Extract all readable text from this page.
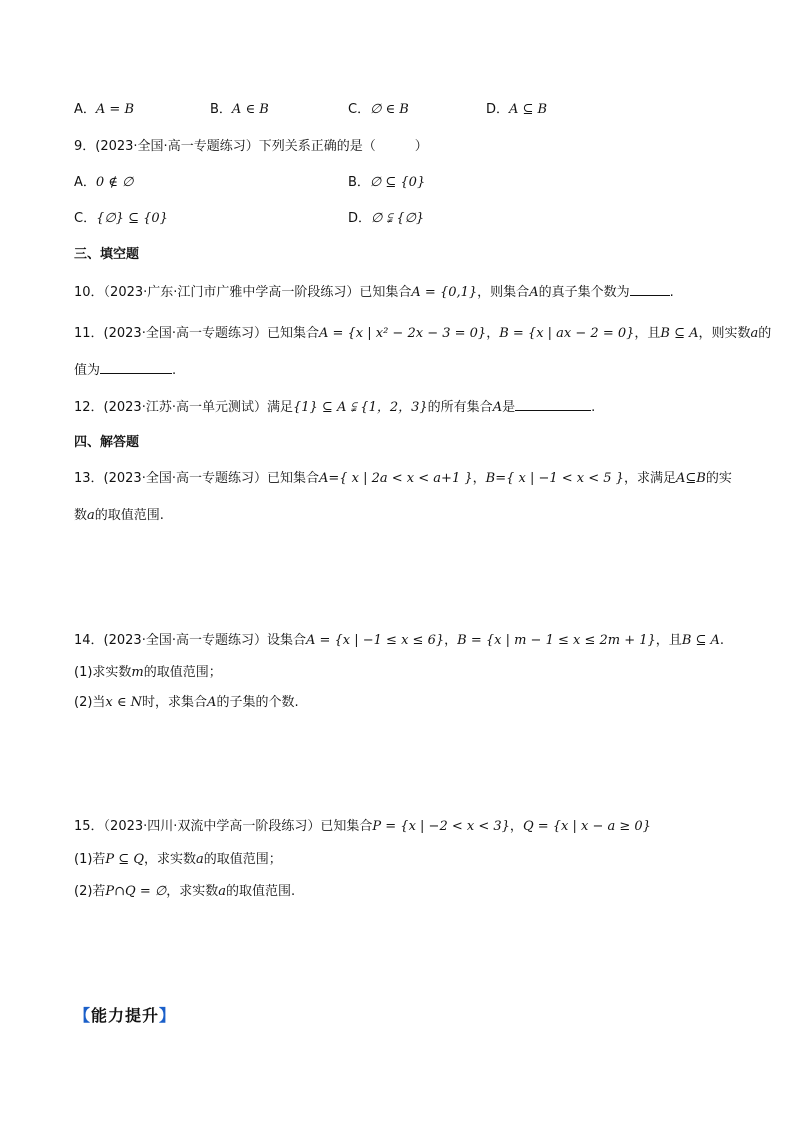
A．A = B	B．A ∈ B	C．∅ ∈ B	D．A ⊆ B
9．(2023·全国·高一专题练习）下列关系正确的是（　　　）
A．0 ∉ ∅	B．∅ ⊆ {0}
C．{∅} ⊆ {0}	D．∅ ⫋ {∅}
三、填空题
10．（2023·广东·江门市广雅中学高一阶段练习）已知集合A = {0,1}，则集合A的真子集个数为	.
11．(2023·全国·高一专题练习）已知集合A = {x | x² − 2x − 3 = 0}，B = {x | ax − 2 = 0}，且B ⊆ A，则实数a的
值为	.
12．(2023·江苏·高一单元测试）满足{1} ⊆ A ⫋ {1，2，3}的所有集合A是	.
四、解答题
13．(2023·全国·高一专题练习）已知集合A={ x | 2a < x < a+1 }，B={ x | −1 < x < 5 }，求满足A⊆B的实
数a的取值范围.
14．(2023·全国·高一专题练习）设集合A = {x | −1 ≤ x ≤ 6}，B = {x | m − 1 ≤ x ≤ 2m + 1}，且B ⊆ A.
(1)求实数m的取值范围；
(2)当x ∈ N时，求集合A的子集的个数.
15．（2023·四川·双流中学高一阶段练习）已知集合P = {x | −2 < x < 3}，Q = {x | x − a ≥ 0}
(1)若P ⊆ Q，求实数a的取值范围；
(2)若P∩Q = ∅，求实数a的取值范围.
【能力提升】
